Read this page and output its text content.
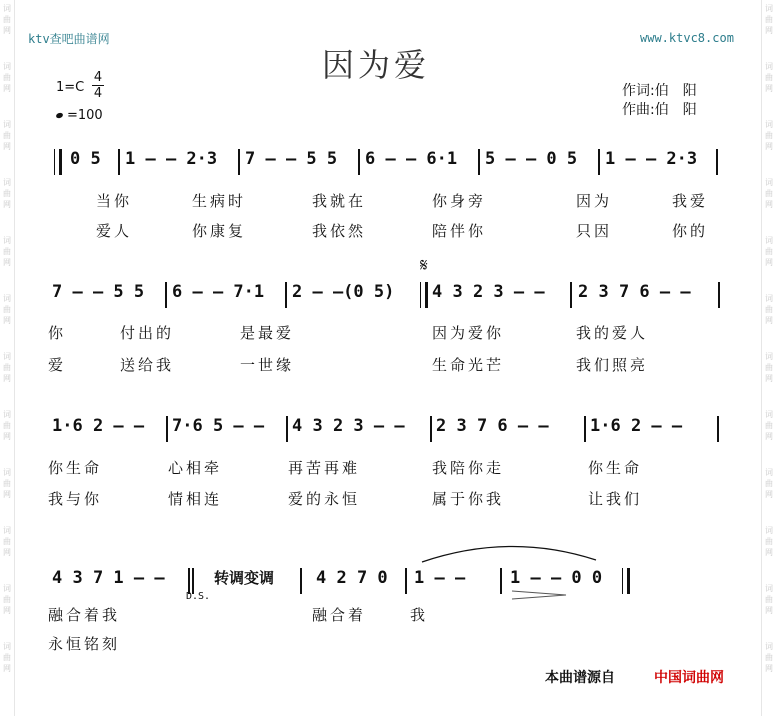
词
曲
网
词
曲
网
词
曲
网
词
曲
网
词
曲
网
词
曲
网
词
曲
网
词
曲
网
词
曲
网
词
曲
网
词
曲
网
词
曲
网
词
曲
网
词
曲
网
词
曲
网
词
曲
网
词
曲
网
词
曲
网
词
曲
网
词
曲
网
词
曲
网
词
曲
网
词
曲
网
词
曲
网
ktv查吧曲谱网	www.ktvc8.com
因为爱
$1=C \frac{4}{4}$
=100
作词:伯　阳
作曲:伯　阳
0 5 1 — — 2·3 7 — — 5 5 6 — — 6·1 5 — — 0 5 1 — — 2·3
当你	生病时	我就在	你身旁	因为	我爱
爱人	你康复	我依然	陪伴你	只因	你的
𝄋
7 — — 5 5 6 — — 7·1 2 — —(0 5) 4 3 2 3 — — 2 3 7 6 — —
你	付出的	是最爱	因为爱你	我的爱人
爱	送给我	一世缘	生命光芒	我们照亮
1·6 2 — — 7·6 5 — — 4 3 2 3 — — 2 3 7 6 — — 1·6 2 — —
你生命	心相牵	再苦再难	我陪你走	你生命
我与你	情相连	爱的永恒	属于你我	让我们
4 3 7 1 — —	4 2 7 0 1 — —	1 — — 0 0
转调变调
D.S.
融合着我	融合着	我
永恒铭刻
本曲谱源自	中国词曲网
